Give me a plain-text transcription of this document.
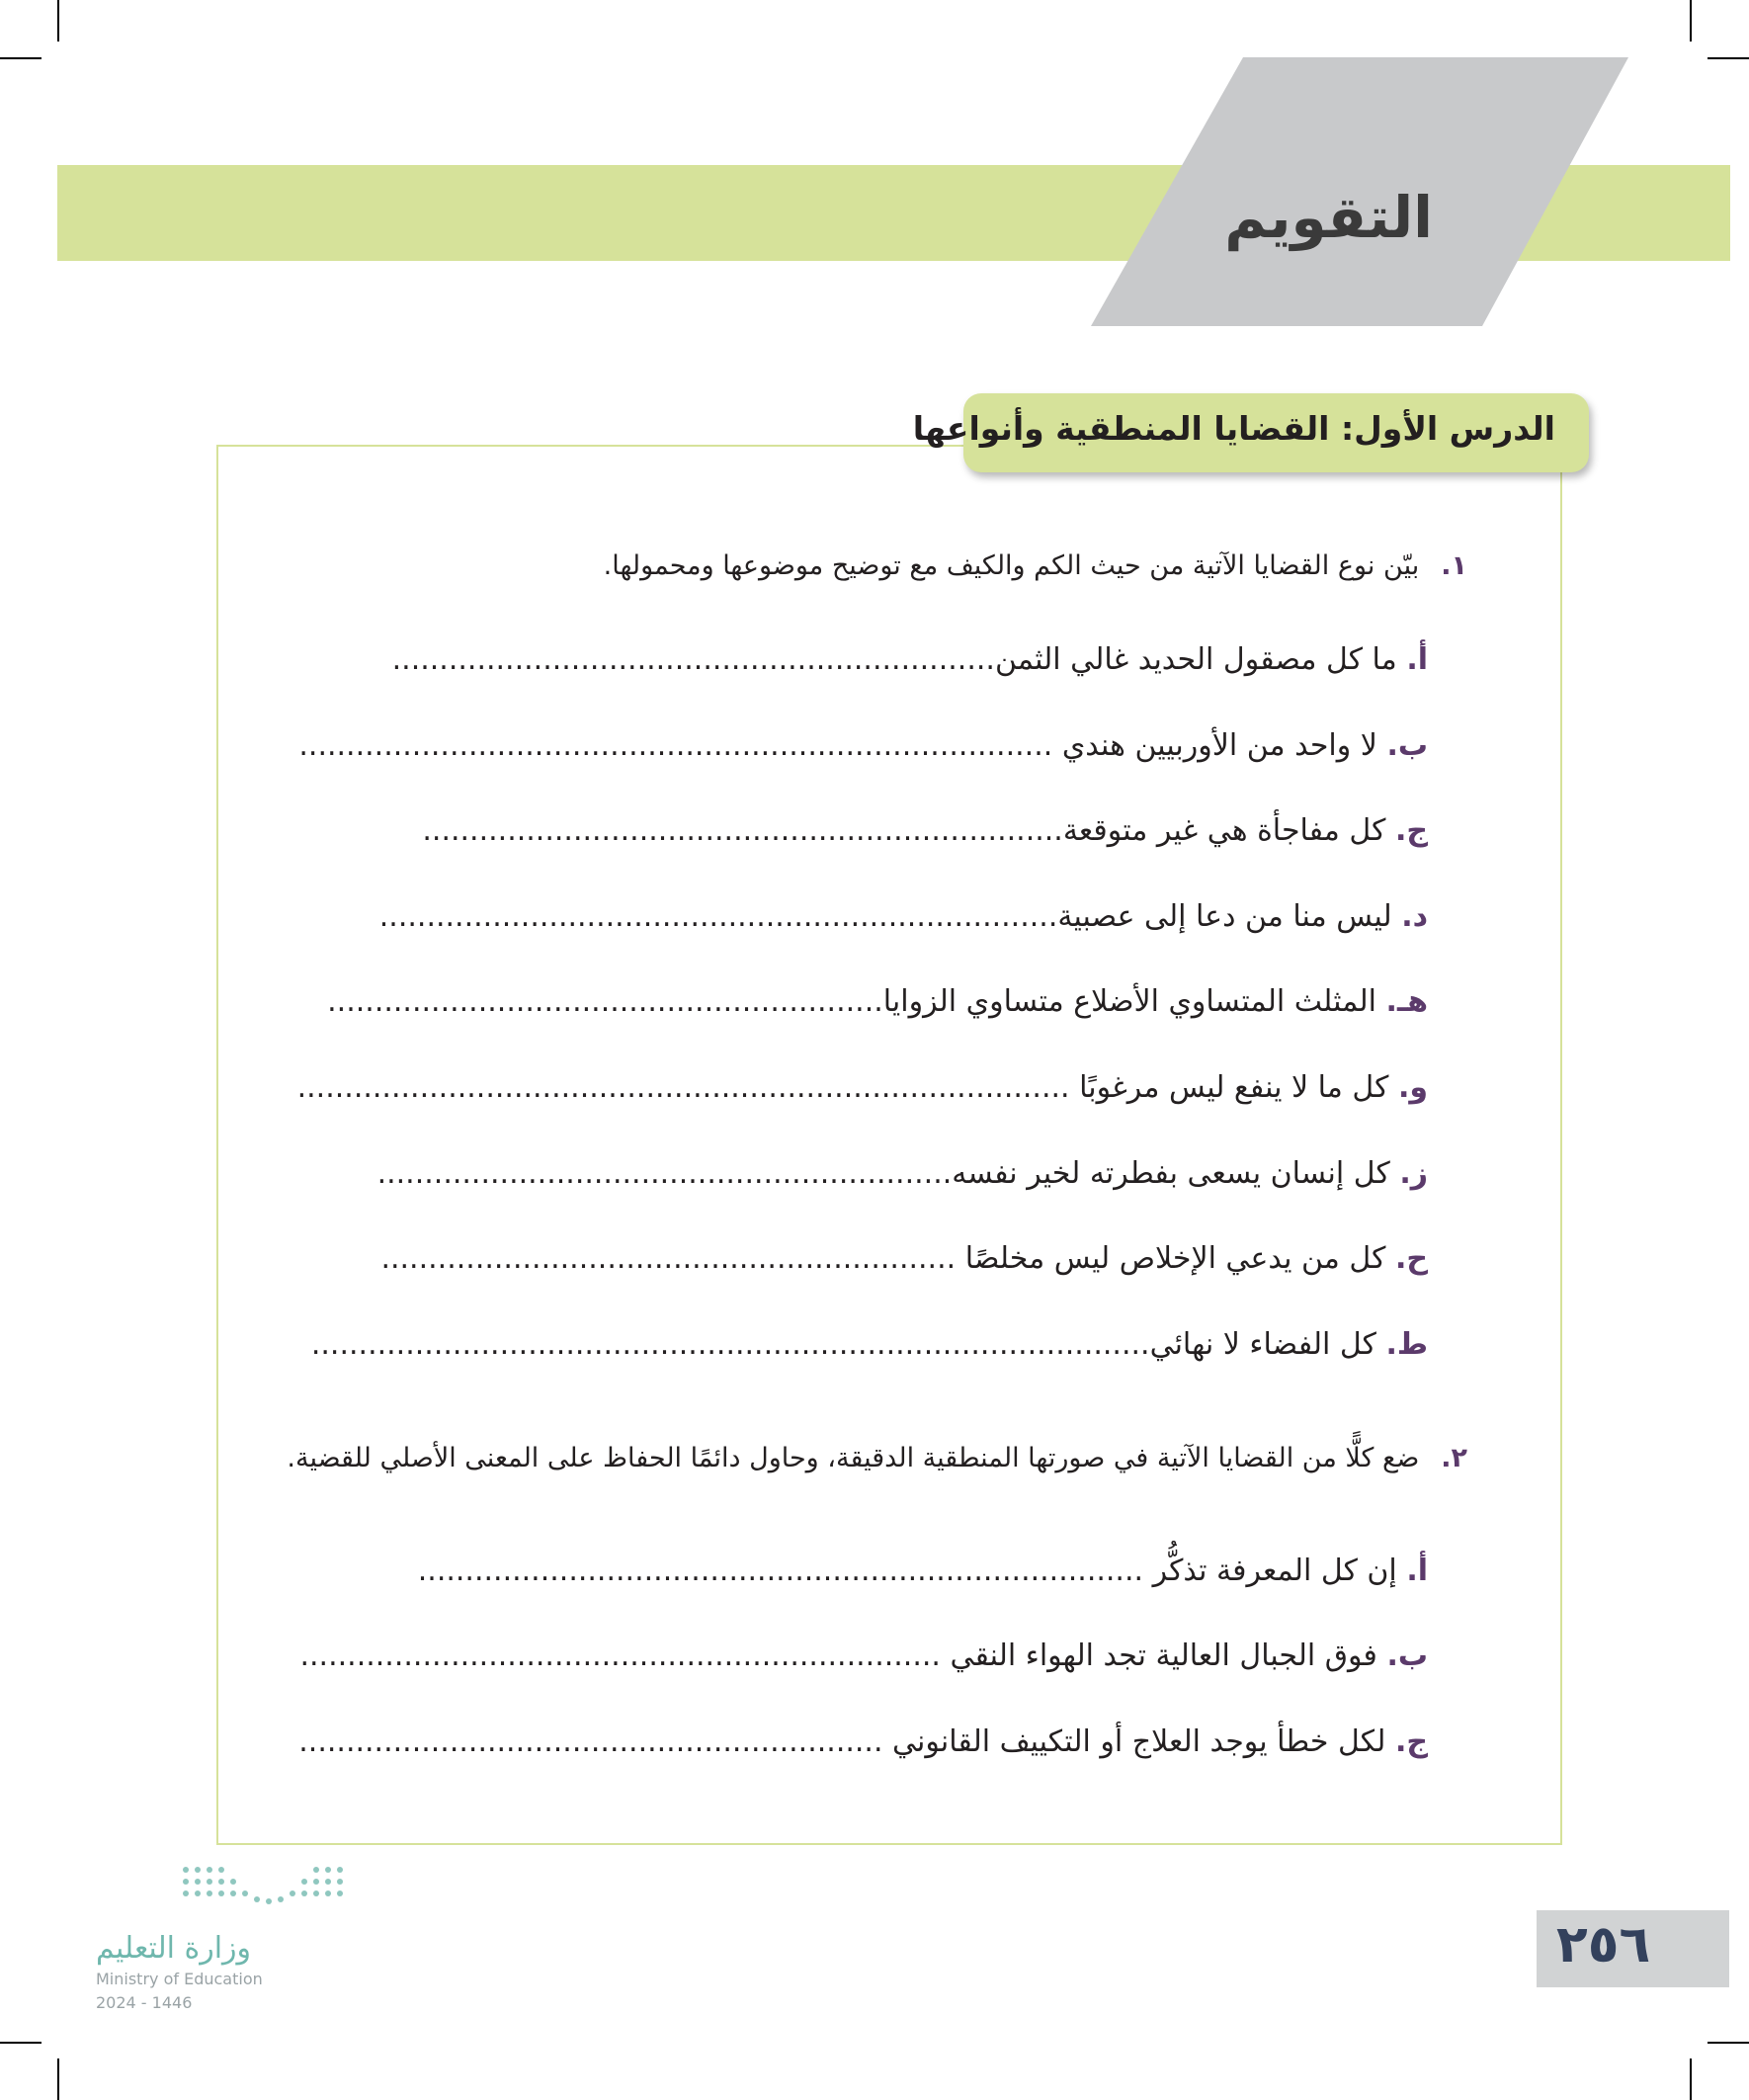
التقويم
الدرس الأول: القضايا المنطقية وأنواعها
١.بيّن نوع القضايا الآتية من حيث الكم والكيف مع توضيح موضوعها ومحمولها.
أ. ما كل مصقول الحديد غالي الثمن................................................................
ب. لا واحد من الأوربيين هندي ................................................................................
ج. كل مفاجأة هي غير متوقعة....................................................................
د. ليس منا من دعا إلى عصبية........................................................................
هـ. المثلث المتساوي الأضلاع متساوي الزوايا...........................................................
و. كل ما لا ينفع ليس مرغوبًا ..................................................................................
ز. كل إنسان يسعى بفطرته لخير نفسه.............................................................
ح. كل من يدعي الإخلاص ليس مخلصًا .............................................................
ط. كل الفضاء لا نهائي.........................................................................................
٢.ضع كلًّا من القضايا الآتية في صورتها المنطقية الدقيقة، وحاول دائمًا الحفاظ على المعنى الأصلي للقضية.
أ. إن كل المعرفة تذكُّر .............................................................................
ب. فوق الجبال العالية تجد الهواء النقي ....................................................................
ج. لكل خطأ يوجد العلاج أو التكييف القانوني ..............................................................
٢٥٦
وزارة التعليم
Ministry of Education
2024 - 1446
